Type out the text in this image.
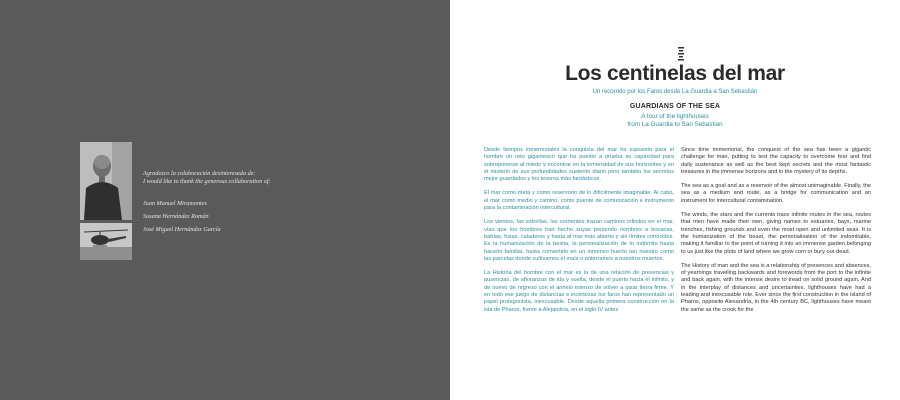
Agradezco la colaboración desinteresada de:
I would like to thank the generous collaboration of:
Juan Manuel Miramontes
Susana Hernández Román
José Miguel Hernández García
Los centinelas del mar
Un recorrido por los Faros desde La Guardia a San Sebastián
GUARDIANS OF THE SEA
A tour of the lighthouses
from La Guardia to San Sebastian

Desde tiempos inmemoriales la conquista del mar ha supuesto para el hombre un reto gigantesco que ha puesto a prueba su capacidad para sobreponerse al miedo y encontrar en la inmensidad de sus horizontes y en el misterio de sus profundidades sustento diario pero también los secretos mejor guardados y los tesoros más fantásticos.

El mar como meta y como reservorio de lo difícilmente imaginable. Al cabo, el mar como medio y camino, como puente de comunicación e instrumento para la contaminación intercultural.

Los vientos, las estrellas, las corrientes trazan caminos infinitos en el mar, vías que los hombres han hecho suyas poniendo nombres a bocanas, bahías, fosas, caladeros y hasta al mar más abierto y sin límites conocidos. Es la humanización de la bestia, la personalización de lo indómito hasta hacerlo familiar, hasta convertirlo en un inmenso huerto tan nuestro como las parcelas donde cultivamos el maíz o enterramos a nuestros muertos.

La Historia del hombre con el mar es la de una relación de presencias y ausencias, de añoranzas de ida y vuelta, desde el puerto hacia el infinito, y de nuevo de regreso con el anhelo intenso de volver a pisar tierra firme. Y en todo ese juego de distancias e incertezas los faros han representado un papel protagonista, inexcusable. Desde aquella primera construcción en la isla de Pharos, frente a Alejandría, en el siglo IV antes

Since time immemorial, the conquest of the sea has been a gigantic challenge for man, putting to test the capacity to overcome fear and find daily sustenance as well as the best kept secrets and the most fantastic treasures in the immense horizons and in the mystery of its depths.

The sea as a goal and as a reservoir of the almost unimaginable. Finally, the sea as a medium and route, as a bridge for communication and an instrument for intercultural contamination.

The winds, the stars and the currents trace infinite routes in the sea, routes that men have made their own, giving names to estuaries, bays, marine trenches, fishing grounds and even the most open and unlimited seas. It is the humanization of the beast, the personalisation of the indomitable, making it familiar to the point of turning it into an immense garden belonging to us just like the plots of land where we grow corn or bury our dead.

The History of man and the sea is a relationship of presences and absences, of yearnings travelling backwards and forewords from the port to the infinite and back again, with the intense desire to tread on solid ground again. And in the interplay of distances and uncertainties, lighthouses have had a leading and inexcusable role. Ever since the first construction in the island of Pharos, opposite Alexandria, in the 4th century BC, lighthouses have meant the same as the crook for the
